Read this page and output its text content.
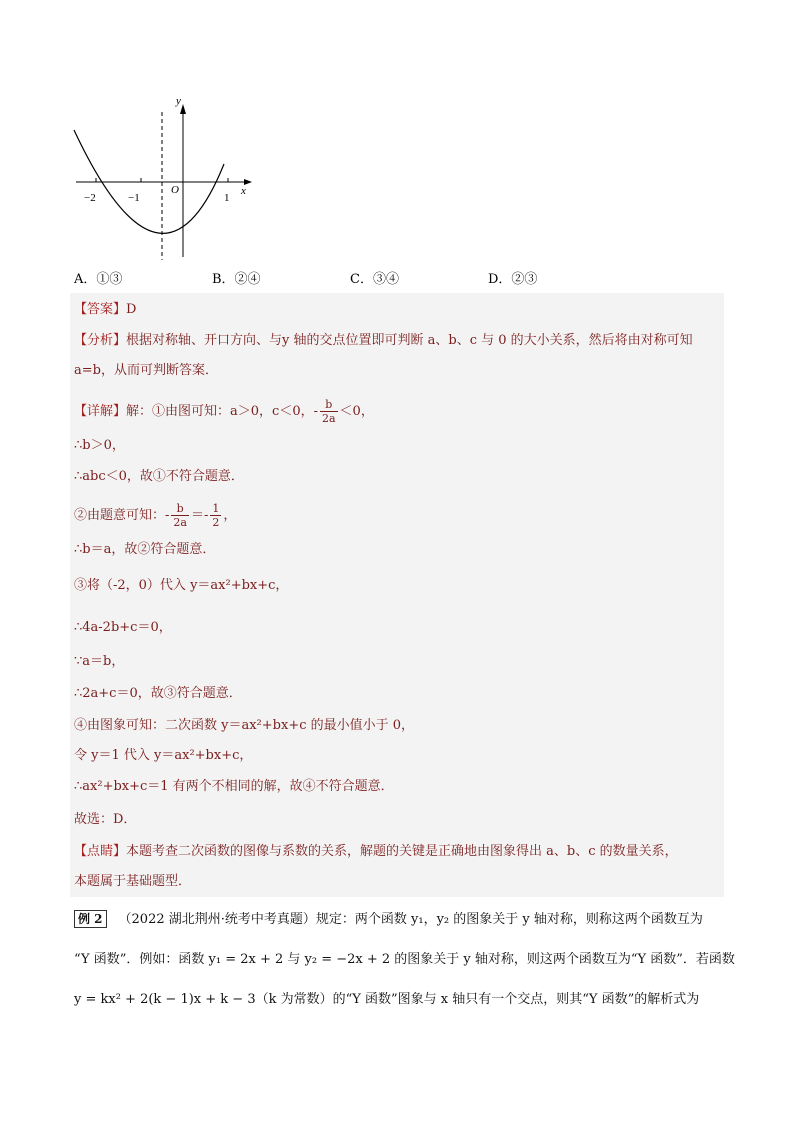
y
x
O
−2	−1	1
A．①③	B．②④	C．③④	D．②③
【答案】D
【分析】根据对称轴、开口方向、与y 轴的交点位置即可判断 a、b、c 与 0 的大小关系，然后将由对称可知
a=b，从而可判断答案．
【详解】解：①由图可知：a＞0，c＜0，- $\frac{b}{2a} <0$，
∴b＞0，
∴abc＜0，故①不符合题意．
②由题意可知：- $\frac{b}{2a} =- \frac{1}{2}$ ，
∴b＝a，故②符合题意．
③将（-2，0）代入 y＝ax²+bx+c，
∴4a-2b+c＝0，
∵a＝b，
∴2a+c＝0，故③符合题意．
④由图象可知：二次函数 y＝ax²+bx+c 的最小值小于 0，
令 y＝1 代入 y＝ax²+bx+c，
∴ax²+bx+c＝1 有两个不相同的解，故④不符合题意．
故选：D．
【点睛】本题考查二次函数的图像与系数的关系，解题的关键是正确地由图象得出 a、b、c 的数量关系，
本题属于基础题型．
例 2 （2022 湖北荆州·统考中考真题）规定：两个函数 y₁，y₂ 的图象关于 y 轴对称，则称这两个函数互为
“Y 函数”．例如：函数 y₁ = 2x + 2 与 y₂ = −2x + 2 的图象关于 y 轴对称，则这两个函数互为“Y 函数”．若函数
y = kx² + 2(k − 1)x + k − 3（k 为常数）的“Y 函数”图象与 x 轴只有一个交点，则其“Y 函数”的解析式为
